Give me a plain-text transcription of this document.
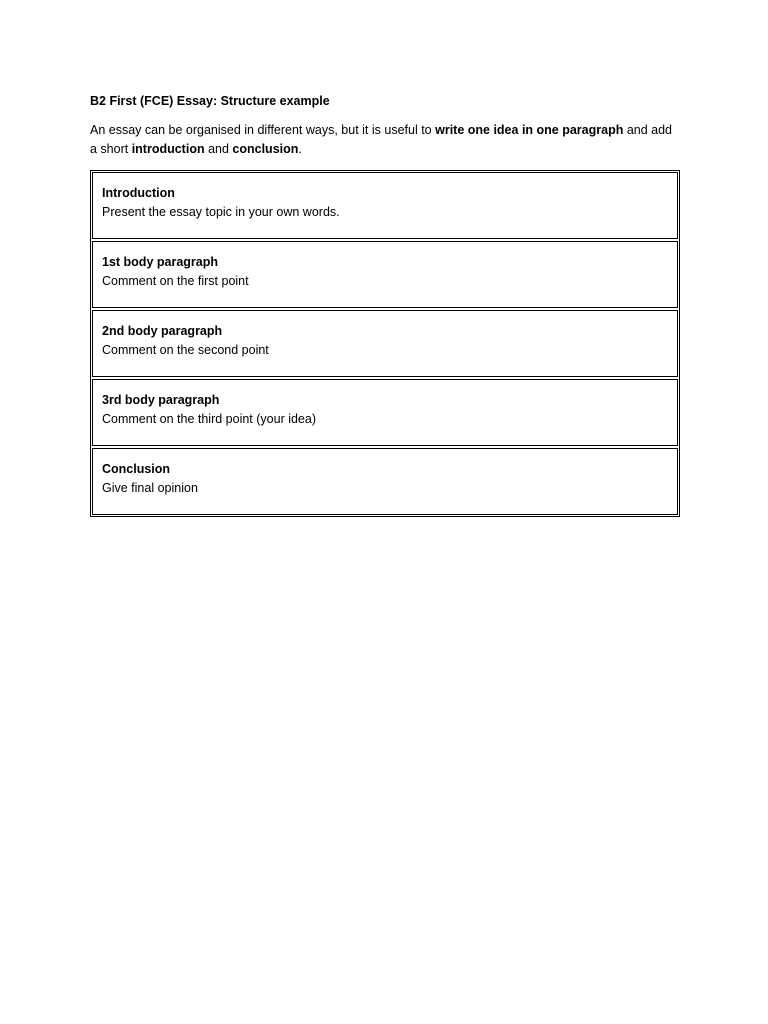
B2 First (FCE) Essay: Structure example

An essay can be organised in different ways, but it is useful to write one idea in one paragraph and add a short introduction and conclusion.

Introduction
Present the essay topic in your own words.
1st body paragraph
Comment on the first point
2nd body paragraph
Comment on the second point
3rd body paragraph
Comment on the third point (your idea)
Conclusion
Give final opinion
